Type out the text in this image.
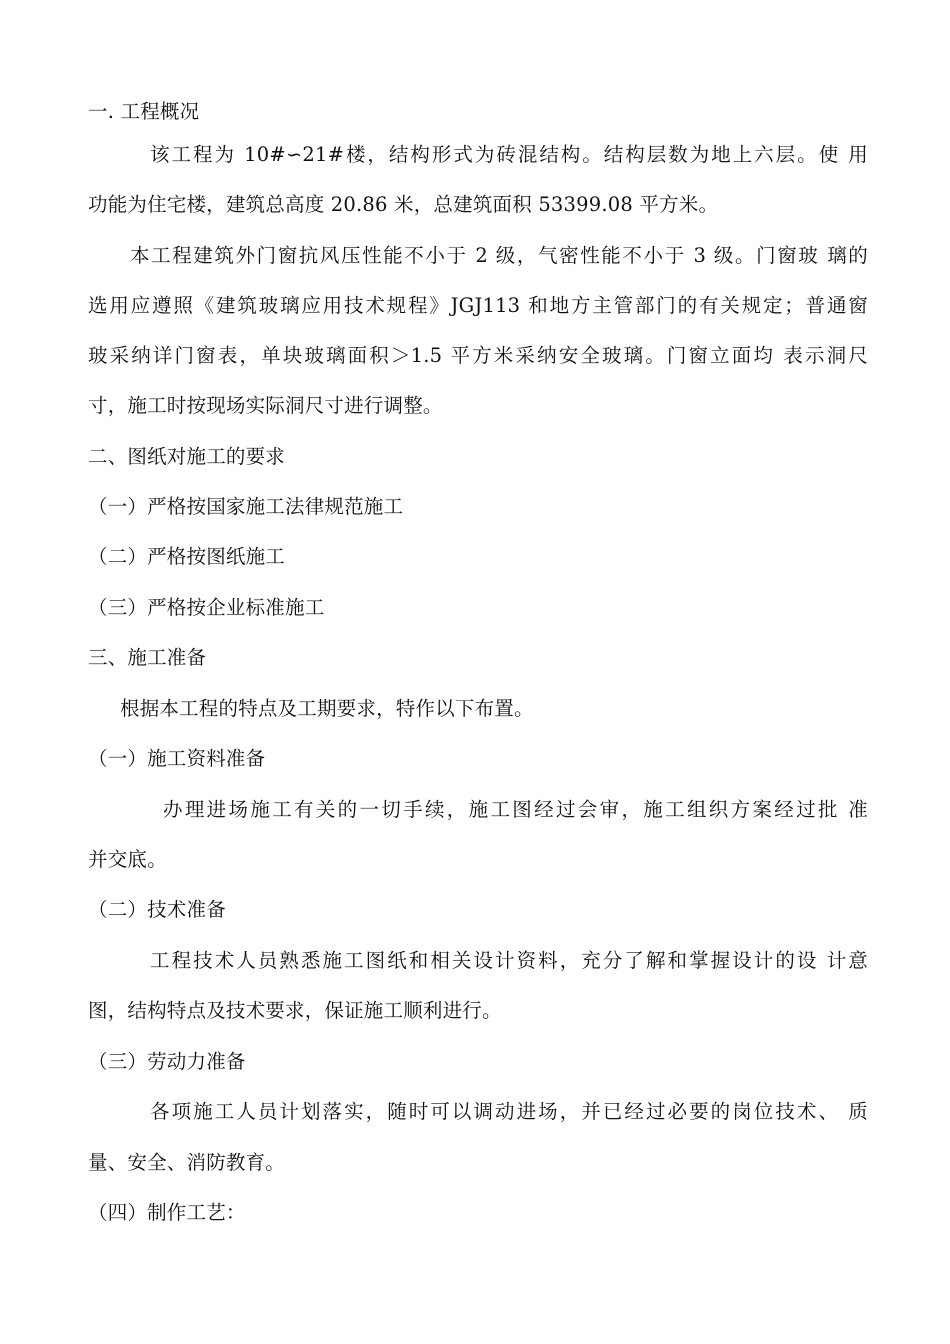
一. 工程概况
该工程为 10#∽21#楼，结构形式为砖混结构。结构层数为地上六层。使 用
功能为住宅楼，建筑总高度 20.86 米，总建筑面积 53399.08 平方米。
本工程建筑外门窗抗风压性能不小于 2 级，气密性能不小于 3 级。门窗玻 璃的
选用应遵照《建筑玻璃应用技术规程》JGJ113 和地方主管部门的有关规定；普通窗
玻采纳详门窗表，单块玻璃面积＞1.5 平方米采纳安全玻璃。门窗立面均 表示洞尺
寸，施工时按现场实际洞尺寸进行调整。
二、图纸对施工的要求
（一）严格按国家施工法律规范施工
（二）严格按图纸施工
（三）严格按企业标准施工
三、施工准备
根据本工程的特点及工期要求，特作以下布置。
（一）施工资料准备
办理进场施工有关的一切手续，施工图经过会审，施工组织方案经过批 准
并交底。
（二）技术准备
工程技术人员熟悉施工图纸和相关设计资料，充分了解和掌握设计的设 计意
图，结构特点及技术要求，保证施工顺利进行。
（三）劳动力准备
各项施工人员计划落实，随时可以调动进场，并已经过必要的岗位技术、 质
量、安全、消防教育。
（四）制作工艺：
